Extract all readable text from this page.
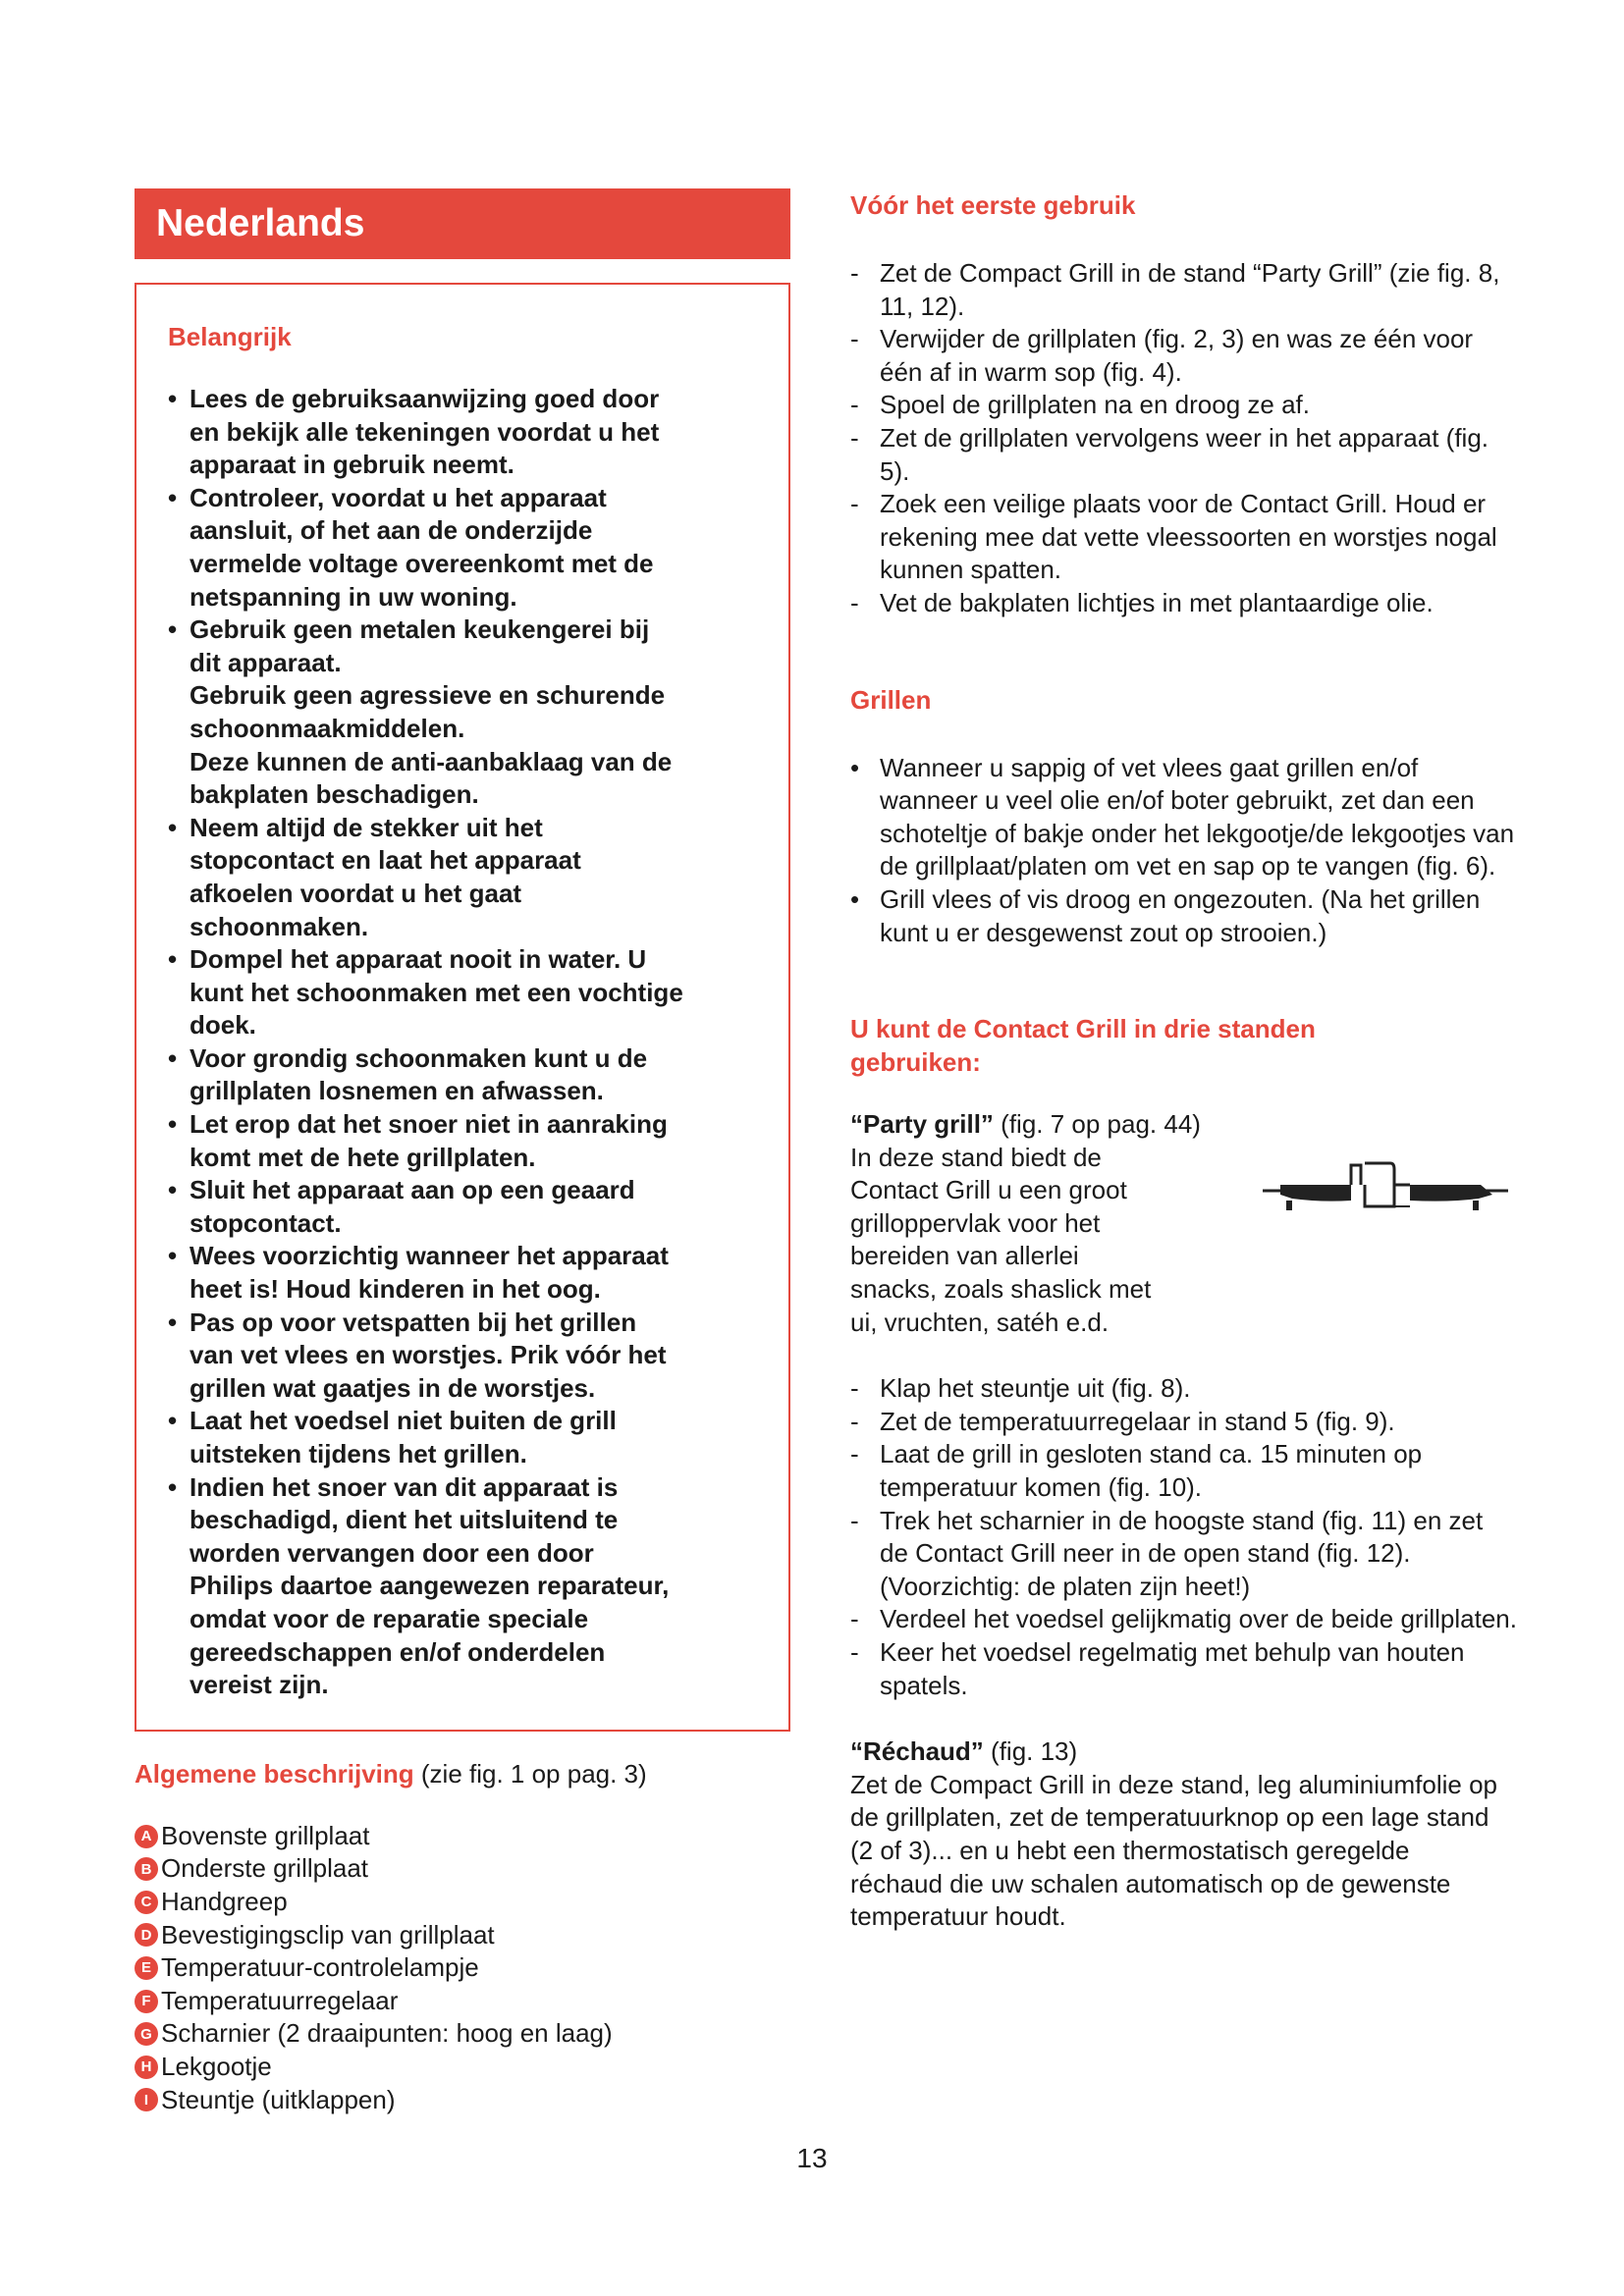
Nederlands
Belangrijk
• Lees de gebruiksaanwijzing goed door
en bekijk alle tekeningen voordat u het
apparaat in gebruik neemt.
• Controleer, voordat u het apparaat
aansluit, of het aan de onderzijde
vermelde voltage overeenkomt met de
netspanning in uw woning.
• Gebruik geen metalen keukengerei bij
dit apparaat.
Gebruik geen agressieve en schurende
schoonmaakmiddelen.
Deze kunnen de anti-aanbaklaag van de
bakplaten beschadigen.
• Neem altijd de stekker uit het
stopcontact en laat het apparaat
afkoelen voordat u het gaat
schoonmaken.
• Dompel het apparaat nooit in water. U
kunt het schoonmaken met een vochtige
doek.
• Voor grondig schoonmaken kunt u de
grillplaten losnemen en afwassen.
• Let erop dat het snoer niet in aanraking
komt met de hete grillplaten.
• Sluit het apparaat aan op een geaard
stopcontact.
• Wees voorzichtig wanneer het apparaat
heet is! Houd kinderen in het oog.
• Pas op voor vetspatten bij het grillen
van vet vlees en worstjes. Prik vóór het
grillen wat gaatjes in de worstjes.
• Laat het voedsel niet buiten de grill
uitsteken tijdens het grillen.
• Indien het snoer van dit apparaat is
beschadigd, dient het uitsluitend te
worden vervangen door een door
Philips daartoe aangewezen reparateur,
omdat voor de reparatie speciale
gereedschappen en/of onderdelen
vereist zijn.
Algemene beschrijving (zie fig. 1 op pag. 3)
A Bovenste grillplaat
B Onderste grillplaat
C Handgreep
D Bevestigingsclip van grillplaat
E Temperatuur-controlelampje
F Temperatuurregelaar
G Scharnier (2 draaipunten: hoog en laag)
H Lekgootje
I Steuntje (uitklappen)
Vóór het eerste gebruik
- Zet de Compact Grill in de stand “Party Grill” (zie fig. 8, 11, 12).
- Verwijder de grillplaten (fig. 2, 3) en was ze één voor één af in warm sop (fig. 4).
- Spoel de grillplaten na en droog ze af.
- Zet de grillplaten vervolgens weer in het apparaat (fig. 5).
- Zoek een veilige plaats voor de Contact Grill. Houd er rekening mee dat vette vleessoorten en worstjes nogal kunnen spatten.
- Vet de bakplaten lichtjes in met plantaardige olie.
Grillen
• Wanneer u sappig of vet vlees gaat grillen en/of wanneer u veel olie en/of boter gebruikt, zet dan een schoteltje of bakje onder het lekgootje/de lekgootjes van de grillplaat/platen om vet en sap op te vangen (fig. 6).
• Grill vlees of vis droog en ongezouten. (Na het grillen kunt u er desgewenst zout op strooien.)
U kunt de Contact Grill in drie standen
gebruiken:
“Party grill” (fig. 7 op pag. 44)
In deze stand biedt de
Contact Grill u een groot
grilloppervlak voor het
bereiden van allerlei
snacks, zoals shaslick met
ui, vruchten, satéh e.d.
- Klap het steuntje uit (fig. 8).
- Zet de temperatuurregelaar in stand 5 (fig. 9).
- Laat de grill in gesloten stand ca. 15 minuten op temperatuur komen (fig. 10).
- Trek het scharnier in de hoogste stand (fig. 11) en zet de Contact Grill neer in de open stand (fig. 12). (Voorzichtig: de platen zijn heet!)
- Verdeel het voedsel gelijkmatig over de beide grillplaten.
- Keer het voedsel regelmatig met behulp van houten spatels.
“Réchaud” (fig. 13)
Zet de Compact Grill in deze stand, leg aluminiumfolie op de grillplaten, zet de temperatuurknop op een lage stand (2 of 3)... en u hebt een thermostatisch geregelde réchaud die uw schalen automatisch op de gewenste temperatuur houdt.
13
